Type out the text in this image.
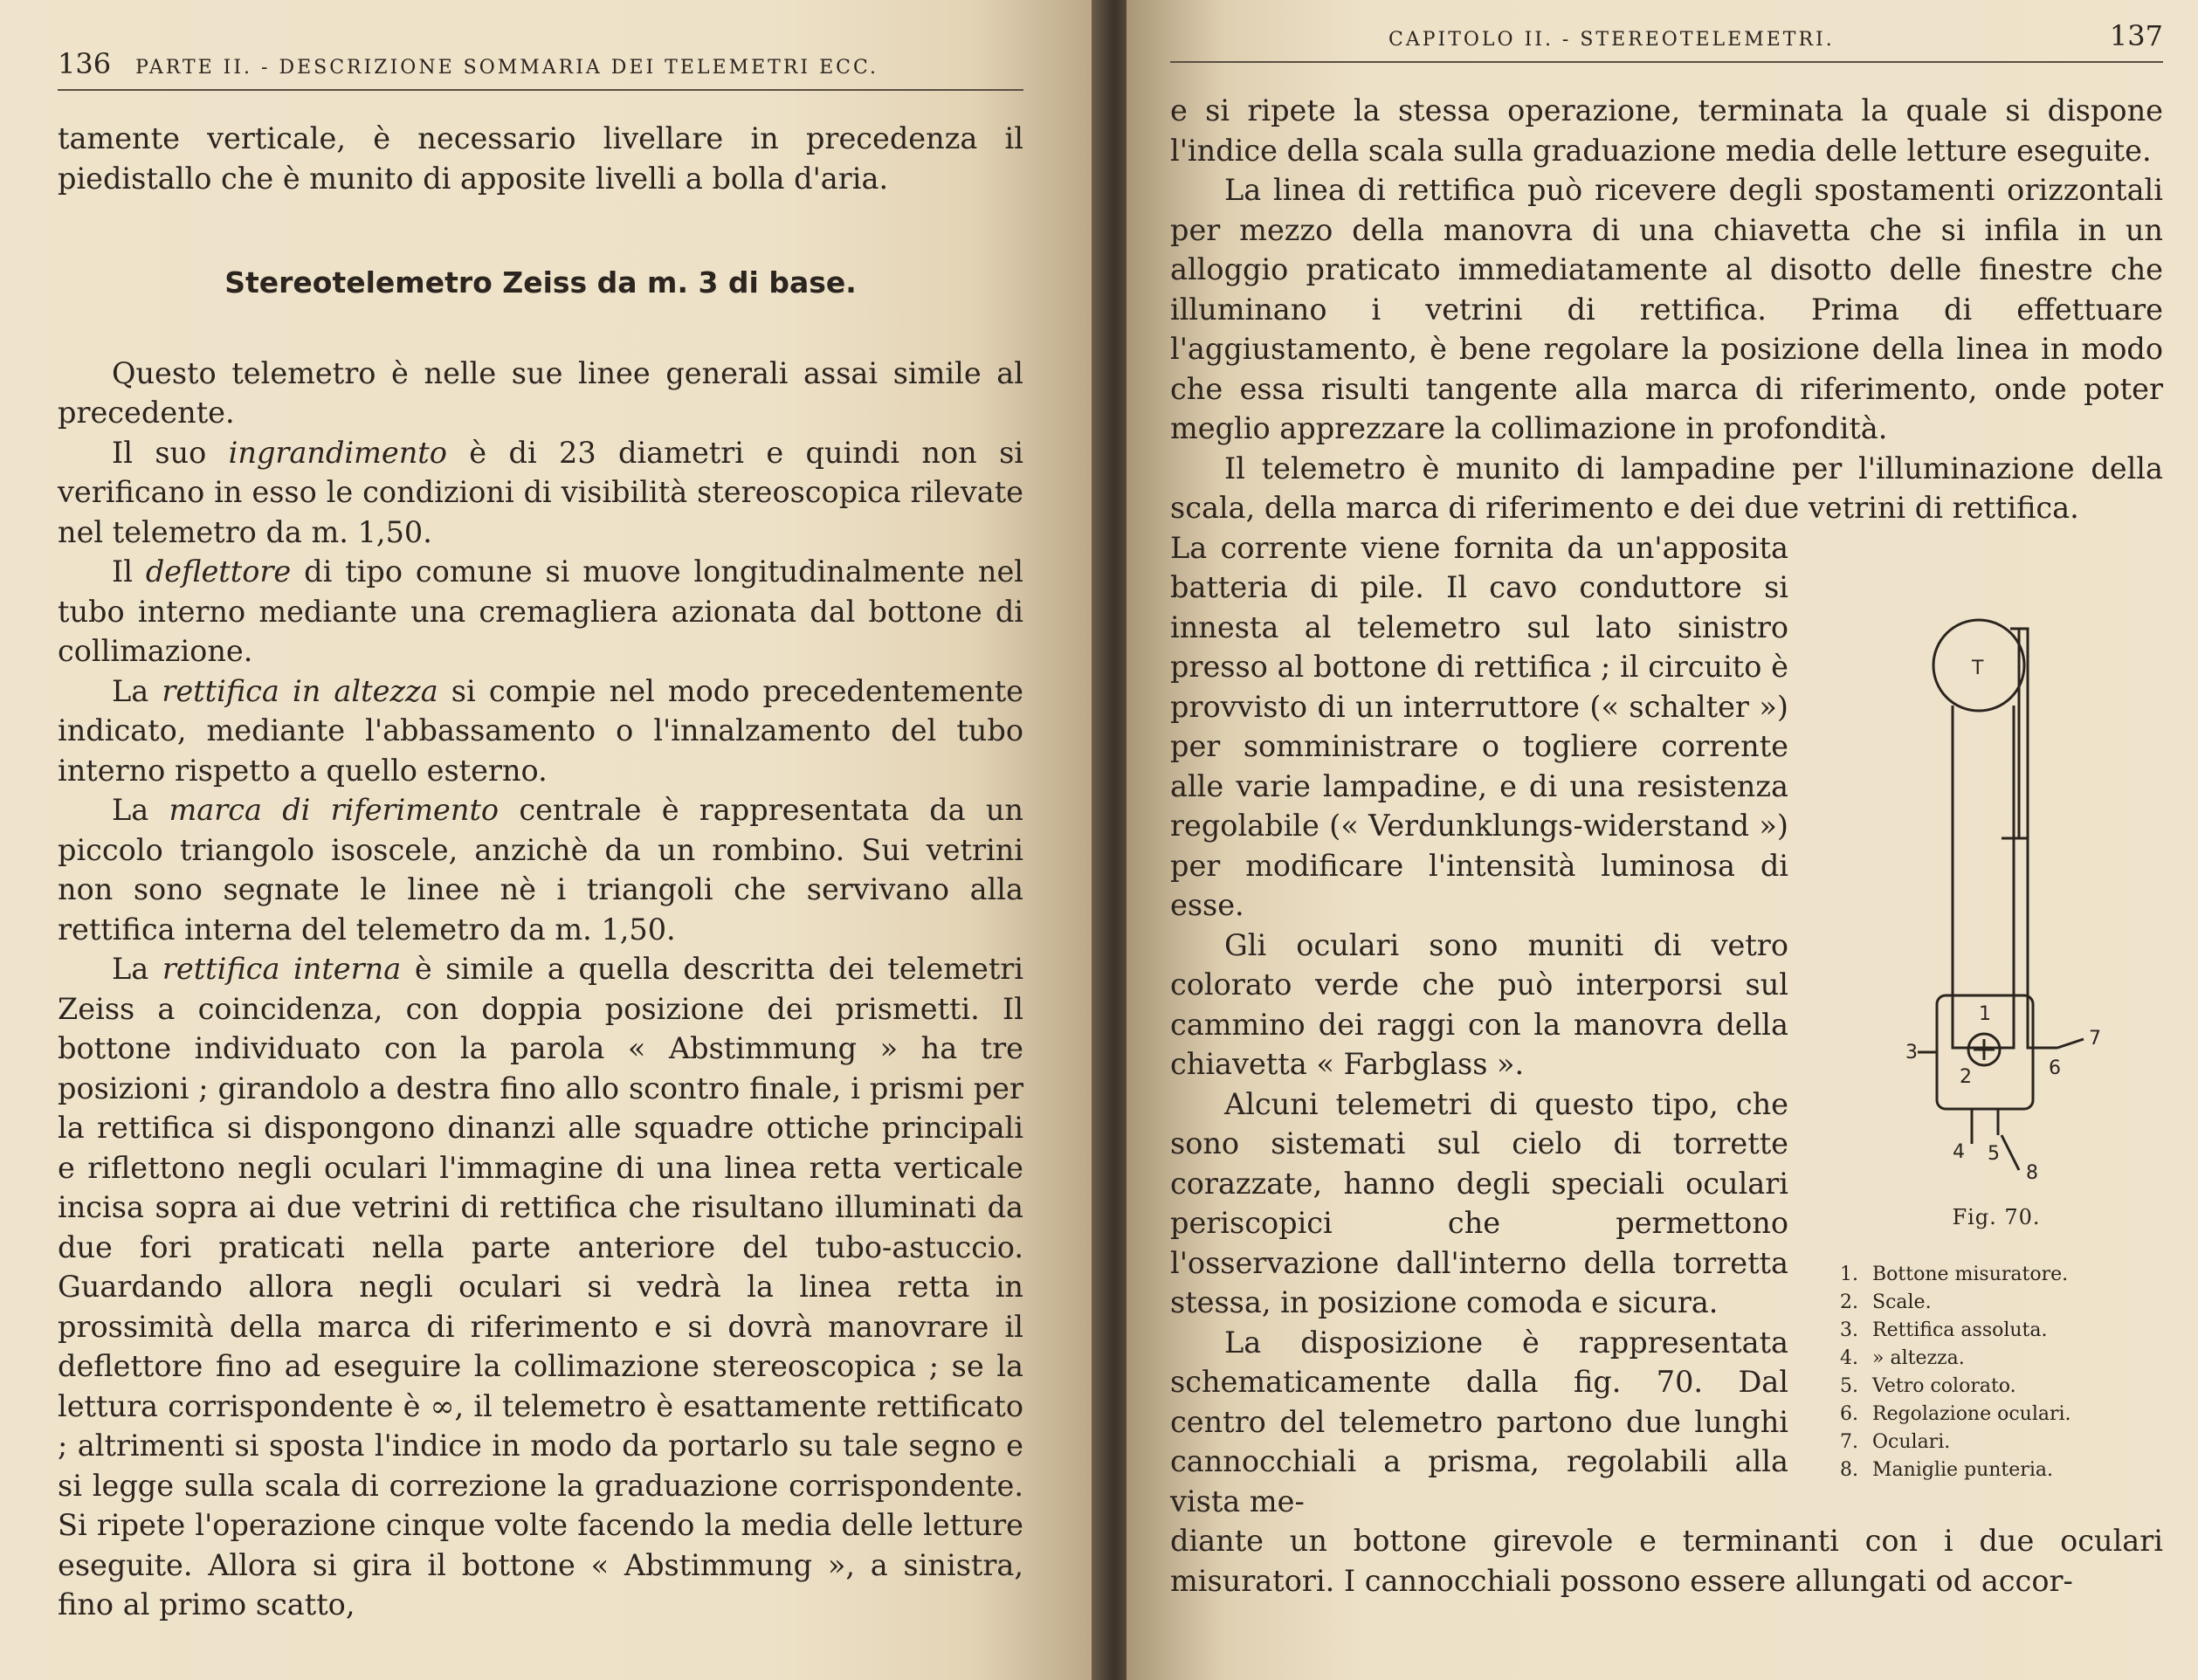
136 PARTE II. - DESCRIZIONE SOMMARIA DEI TELEMETRI ECC.

tamente verticale, è necessario livellare in precedenza il piedistallo che è munito di apposite livelli a bolla d'aria.

Stereotelemetro Zeiss da m. 3 di base.

Questo telemetro è nelle sue linee generali assai simile al precedente.

Il suo ingrandimento è di 23 diametri e quindi non si verificano in esso le condizioni di visibilità stereoscopica rilevate nel telemetro da m. 1,50.

Il deflettore di tipo comune si muove longitudinalmente nel tubo interno mediante una cremagliera azionata dal bottone di collimazione.

La rettifica in altezza si compie nel modo precedentemente indicato, mediante l'abbassamento o l'innalzamento del tubo interno rispetto a quello esterno.

La marca di riferimento centrale è rappresentata da un piccolo triangolo isoscele, anzichè da un rombino. Sui vetrini non sono segnate le linee nè i triangoli che servivano alla rettifica interna del telemetro da m. 1,50.

La rettifica interna è simile a quella descritta dei telemetri Zeiss a coincidenza, con doppia posizione dei prismetti. Il bottone individuato con la parola « Abstimmung » ha tre posizioni ; girandolo a destra fino allo scontro finale, i prismi per la rettifica si dispongono dinanzi alle squadre ottiche principali e riflettono negli oculari l'immagine di una linea retta verticale incisa sopra ai due vetrini di rettifica che risultano illuminati da due fori praticati nella parte anteriore del tubo-astuccio. Guardando allora negli oculari si vedrà la linea retta in prossimità della marca di riferimento e si dovrà manovrare il deflettore fino ad eseguire la collimazione stereoscopica ; se la lettura corrispondente è ∞, il telemetro è esattamente rettificato ; altrimenti si sposta l'indice in modo da portarlo su tale segno e si legge sulla scala di correzione la graduazione corrispondente. Si ripete l'operazione cinque volte facendo la media delle letture eseguite. Allora si gira il bottone « Abstimmung », a sinistra, fino al primo scatto,

CAPITOLO II. - STEREOTELEMETRI.	137

e si ripete la stessa operazione, terminata la quale si dispone l'indice della scala sulla graduazione media delle letture eseguite.

La linea di rettifica può ricevere degli spostamenti orizzontali per mezzo della manovra di una chiavetta che si infila in un alloggio praticato immediatamente al disotto delle finestre che illuminano i vetrini di rettifica. Prima di effettuare l'aggiustamento, è bene regolare la posizione della linea in modo che essa risulti tangente alla marca di riferimento, onde poter meglio apprezzare la collimazione in profondità.

Il telemetro è munito di lampadine per l'illuminazione della scala, della marca di riferimento e dei due vetrini di rettifica.

La corrente viene fornita da un'apposita batteria di pile. Il cavo conduttore si innesta al telemetro sul lato sinistro presso al bottone di rettifica ; il circuito è provvisto di un interruttore (« schalter ») per somministrare o togliere corrente alle varie lampadine, e di una resistenza regolabile (« Verdunklungs-widerstand ») per modificare l'intensità luminosa di esse.

Gli oculari sono muniti di vetro colorato verde che può interporsi sul cammino dei raggi con la manovra della chiavetta « Farbglass ».

Alcuni telemetri di questo tipo, che sono sistemati sul cielo di torrette corazzate, hanno degli speciali oculari periscopici che permettono l'osservazione dall'interno della torretta stessa, in posizione comoda e sicura.

La disposizione è rappresentata schematicamente dalla fig. 70. Dal centro del telemetro partono due lunghi cannocchiali a prisma, regolabili alla vista me-

diante un bottone girevole e terminanti con i due oculari misuratori. I cannocchiali possono essere allungati od accor-

T
1
2
3
4 5
6
7
8
Fig. 70.
1. Bottone misuratore.
2. Scale.
3. Rettifica assoluta.
4. » altezza.
5. Vetro colorato.
6. Regolazione oculari.
7. Oculari.
8. Maniglie punteria.
